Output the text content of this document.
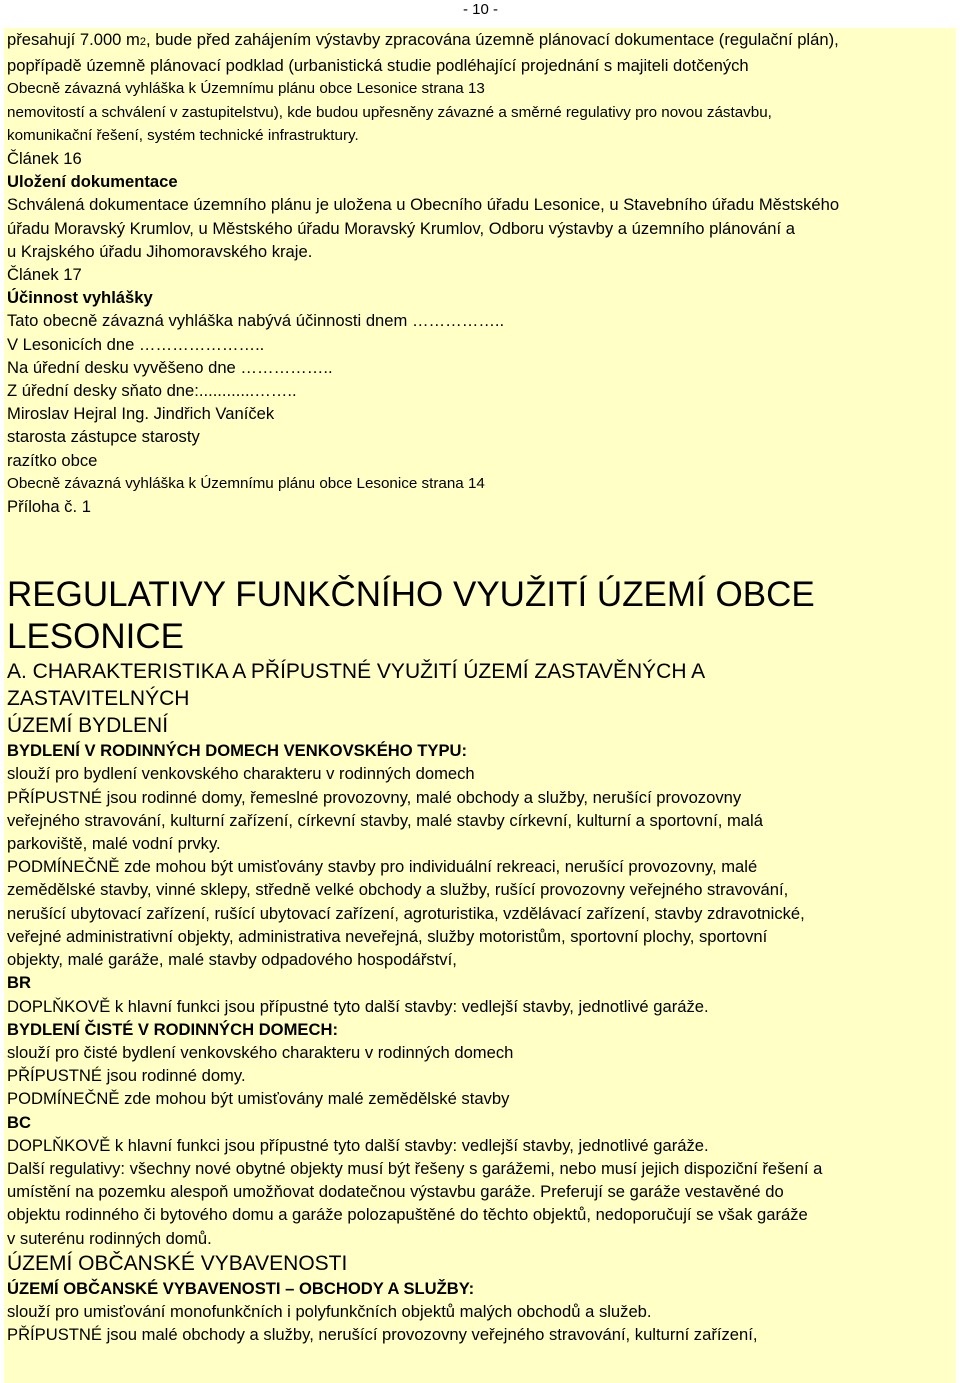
- 10 -
přesahují 7.000 m2, bude před zahájením výstavby zpracována územně plánovací dokumentace (regulační plán),
popřípadě územně plánovací podklad (urbanistická studie podléhající projednání s majiteli dotčených
Obecně závazná vyhláška k Územnímu plánu obce Lesonice strana 13
nemovitostí a schválení v zastupitelstvu), kde budou upřesněny závazné a směrné regulativy pro novou zástavbu,
komunikační řešení, systém technické infrastruktury.
Článek 16
Uložení dokumentace
Schválená dokumentace územního plánu je uložena u Obecního úřadu Lesonice, u Stavebního úřadu Městského
úřadu Moravský Krumlov, u Městského úřadu Moravský Krumlov, Odboru výstavby a územního plánování a
u Krajského úřadu Jihomoravského kraje.
Článek 17
Účinnost vyhlášky
Tato obecně závazná vyhláška nabývá účinnosti dnem ……………..
V Lesonicích dne …………………..
Na úřední desku vyvěšeno dne ……………..
Z úřední desky sňato dne:............……..
Miroslav Hejral Ing. Jindřich Vaníček
starosta zástupce starosty
razítko obce
Obecně závazná vyhláška k Územnímu plánu obce Lesonice strana 14
Příloha č. 1
REGULATIVY FUNKČNÍHO VYUŽITÍ ÚZEMÍ OBCE
LESONICE
A. CHARAKTERISTIKA A PŘÍPUSTNÉ VYUŽITÍ ÚZEMÍ ZASTAVĚNÝCH A
ZASTAVITELNÝCH
ÚZEMÍ BYDLENÍ
BYDLENÍ V RODINNÝCH DOMECH VENKOVSKÉHO TYPU:
slouží pro bydlení venkovského charakteru v rodinných domech
PŘÍPUSTNÉ jsou rodinné domy, řemeslné provozovny, malé obchody a služby, nerušící provozovny
veřejného stravování, kulturní zařízení, církevní stavby, malé stavby církevní, kulturní a sportovní, malá
parkoviště, malé vodní prvky.
PODMÍNEČNĚ zde mohou být umisťovány stavby pro individuální rekreaci, nerušící provozovny, malé
zemědělské stavby, vinné sklepy, středně velké obchody a služby, rušící provozovny veřejného stravování,
nerušící ubytovací zařízení, rušící ubytovací zařízení, agroturistika, vzdělávací zařízení, stavby zdravotnické,
veřejné administrativní objekty, administrativa neveřejná, služby motoristům, sportovní plochy, sportovní
objekty, malé garáže, malé stavby odpadového hospodářství,
BR
DOPLŇKOVĚ k hlavní funkci jsou přípustné tyto další stavby: vedlejší stavby, jednotlivé garáže.
BYDLENÍ ČISTÉ V RODINNÝCH DOMECH:
slouží pro čisté bydlení venkovského charakteru v rodinných domech
PŘÍPUSTNÉ jsou rodinné domy.
PODMÍNEČNĚ zde mohou být umisťovány malé zemědělské stavby
BC
DOPLŇKOVĚ k hlavní funkci jsou přípustné tyto další stavby: vedlejší stavby, jednotlivé garáže.
Další regulativy: všechny nové obytné objekty musí být řešeny s garážemi, nebo musí jejich dispoziční řešení a
umístění na pozemku alespoň umožňovat dodatečnou výstavbu garáže. Preferují se garáže vestavěné do
objektu rodinného či bytového domu a garáže polozapuštěné do těchto objektů, nedoporučují se však garáže
v suterénu rodinných domů.
ÚZEMÍ OBČANSKÉ VYBAVENOSTI
ÚZEMÍ OBČANSKÉ VYBAVENOSTI – OBCHODY A SLUŽBY:
slouží pro umisťování monofunkčních i polyfunkčních objektů malých obchodů a služeb.
PŘÍPUSTNÉ jsou malé obchody a služby, nerušící provozovny veřejného stravování, kulturní zařízení,
